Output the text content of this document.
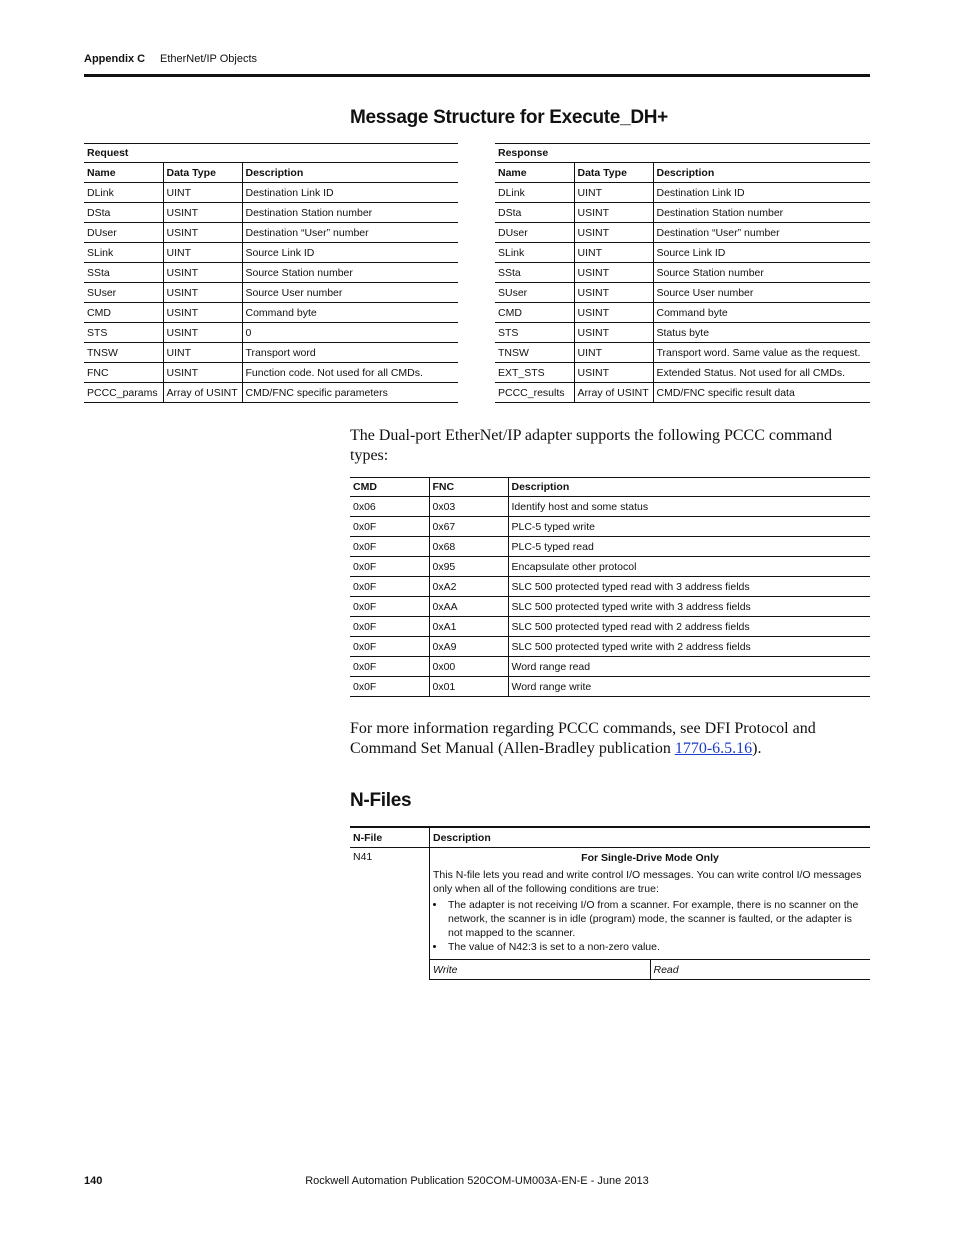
Appendix C EtherNet/IP Objects
Message Structure for Execute_DH+
Request		
Name	Data Type	Description
DLink	UINT	Destination Link ID
DSta	USINT	Destination Station number
DUser	USINT	Destination “User” number
SLink	UINT	Source Link ID
SSta	USINT	Source Station number
SUser	USINT	Source User number
CMD	USINT	Command byte
STS	USINT	0
TNSW	UINT	Transport word
FNC	USINT	Function code. Not used for all CMDs.
PCCC_params	Array of USINT	CMD/FNC specific parameters
Response		
Name	Data Type	Description
DLink	UINT	Destination Link ID
DSta	USINT	Destination Station number
DUser	USINT	Destination “User” number
SLink	UINT	Source Link ID
SSta	USINT	Source Station number
SUser	USINT	Source User number
CMD	USINT	Command byte
STS	USINT	Status byte
TNSW	UINT	Transport word. Same value as the request.
EXT_STS	USINT	Extended Status. Not used for all CMDs.
PCCC_results	Array of USINT	CMD/FNC specific result data
The Dual-port EtherNet/IP adapter supports the following PCCC command types:
CMD	FNC	Description
0x06	0x03	Identify host and some status
0x0F	0x67	PLC-5 typed write
0x0F	0x68	PLC-5 typed read
0x0F	0x95	Encapsulate other protocol
0x0F	0xA2	SLC 500 protected typed read with 3 address fields
0x0F	0xAA	SLC 500 protected typed write with 3 address fields
0x0F	0xA1	SLC 500 protected typed read with 2 address fields
0x0F	0xA9	SLC 500 protected typed write with 2 address fields
0x0F	0x00	Word range read
0x0F	0x01	Word range write
For more information regarding PCCC commands, see DFI Protocol and Command Set Manual (Allen-Bradley publication 1770-6.5.16).
N-Files
N-File	Description
N41	For Single-Drive Mode Only
This N-file lets you read and write control I/O messages. You can write control I/O messages only when all of the following conditions are true:
• The adapter is not receiving I/O from a scanner. For example, there is no scanner on the network, the scanner is in idle (program) mode, the scanner is faulted, or the adapter is not mapped to the scanner.
• The value of N42:3 is set to a non-zero value.
Write	Read
Rockwell Automation Publication 520COM-UM003A-EN-E - June 2013
140
